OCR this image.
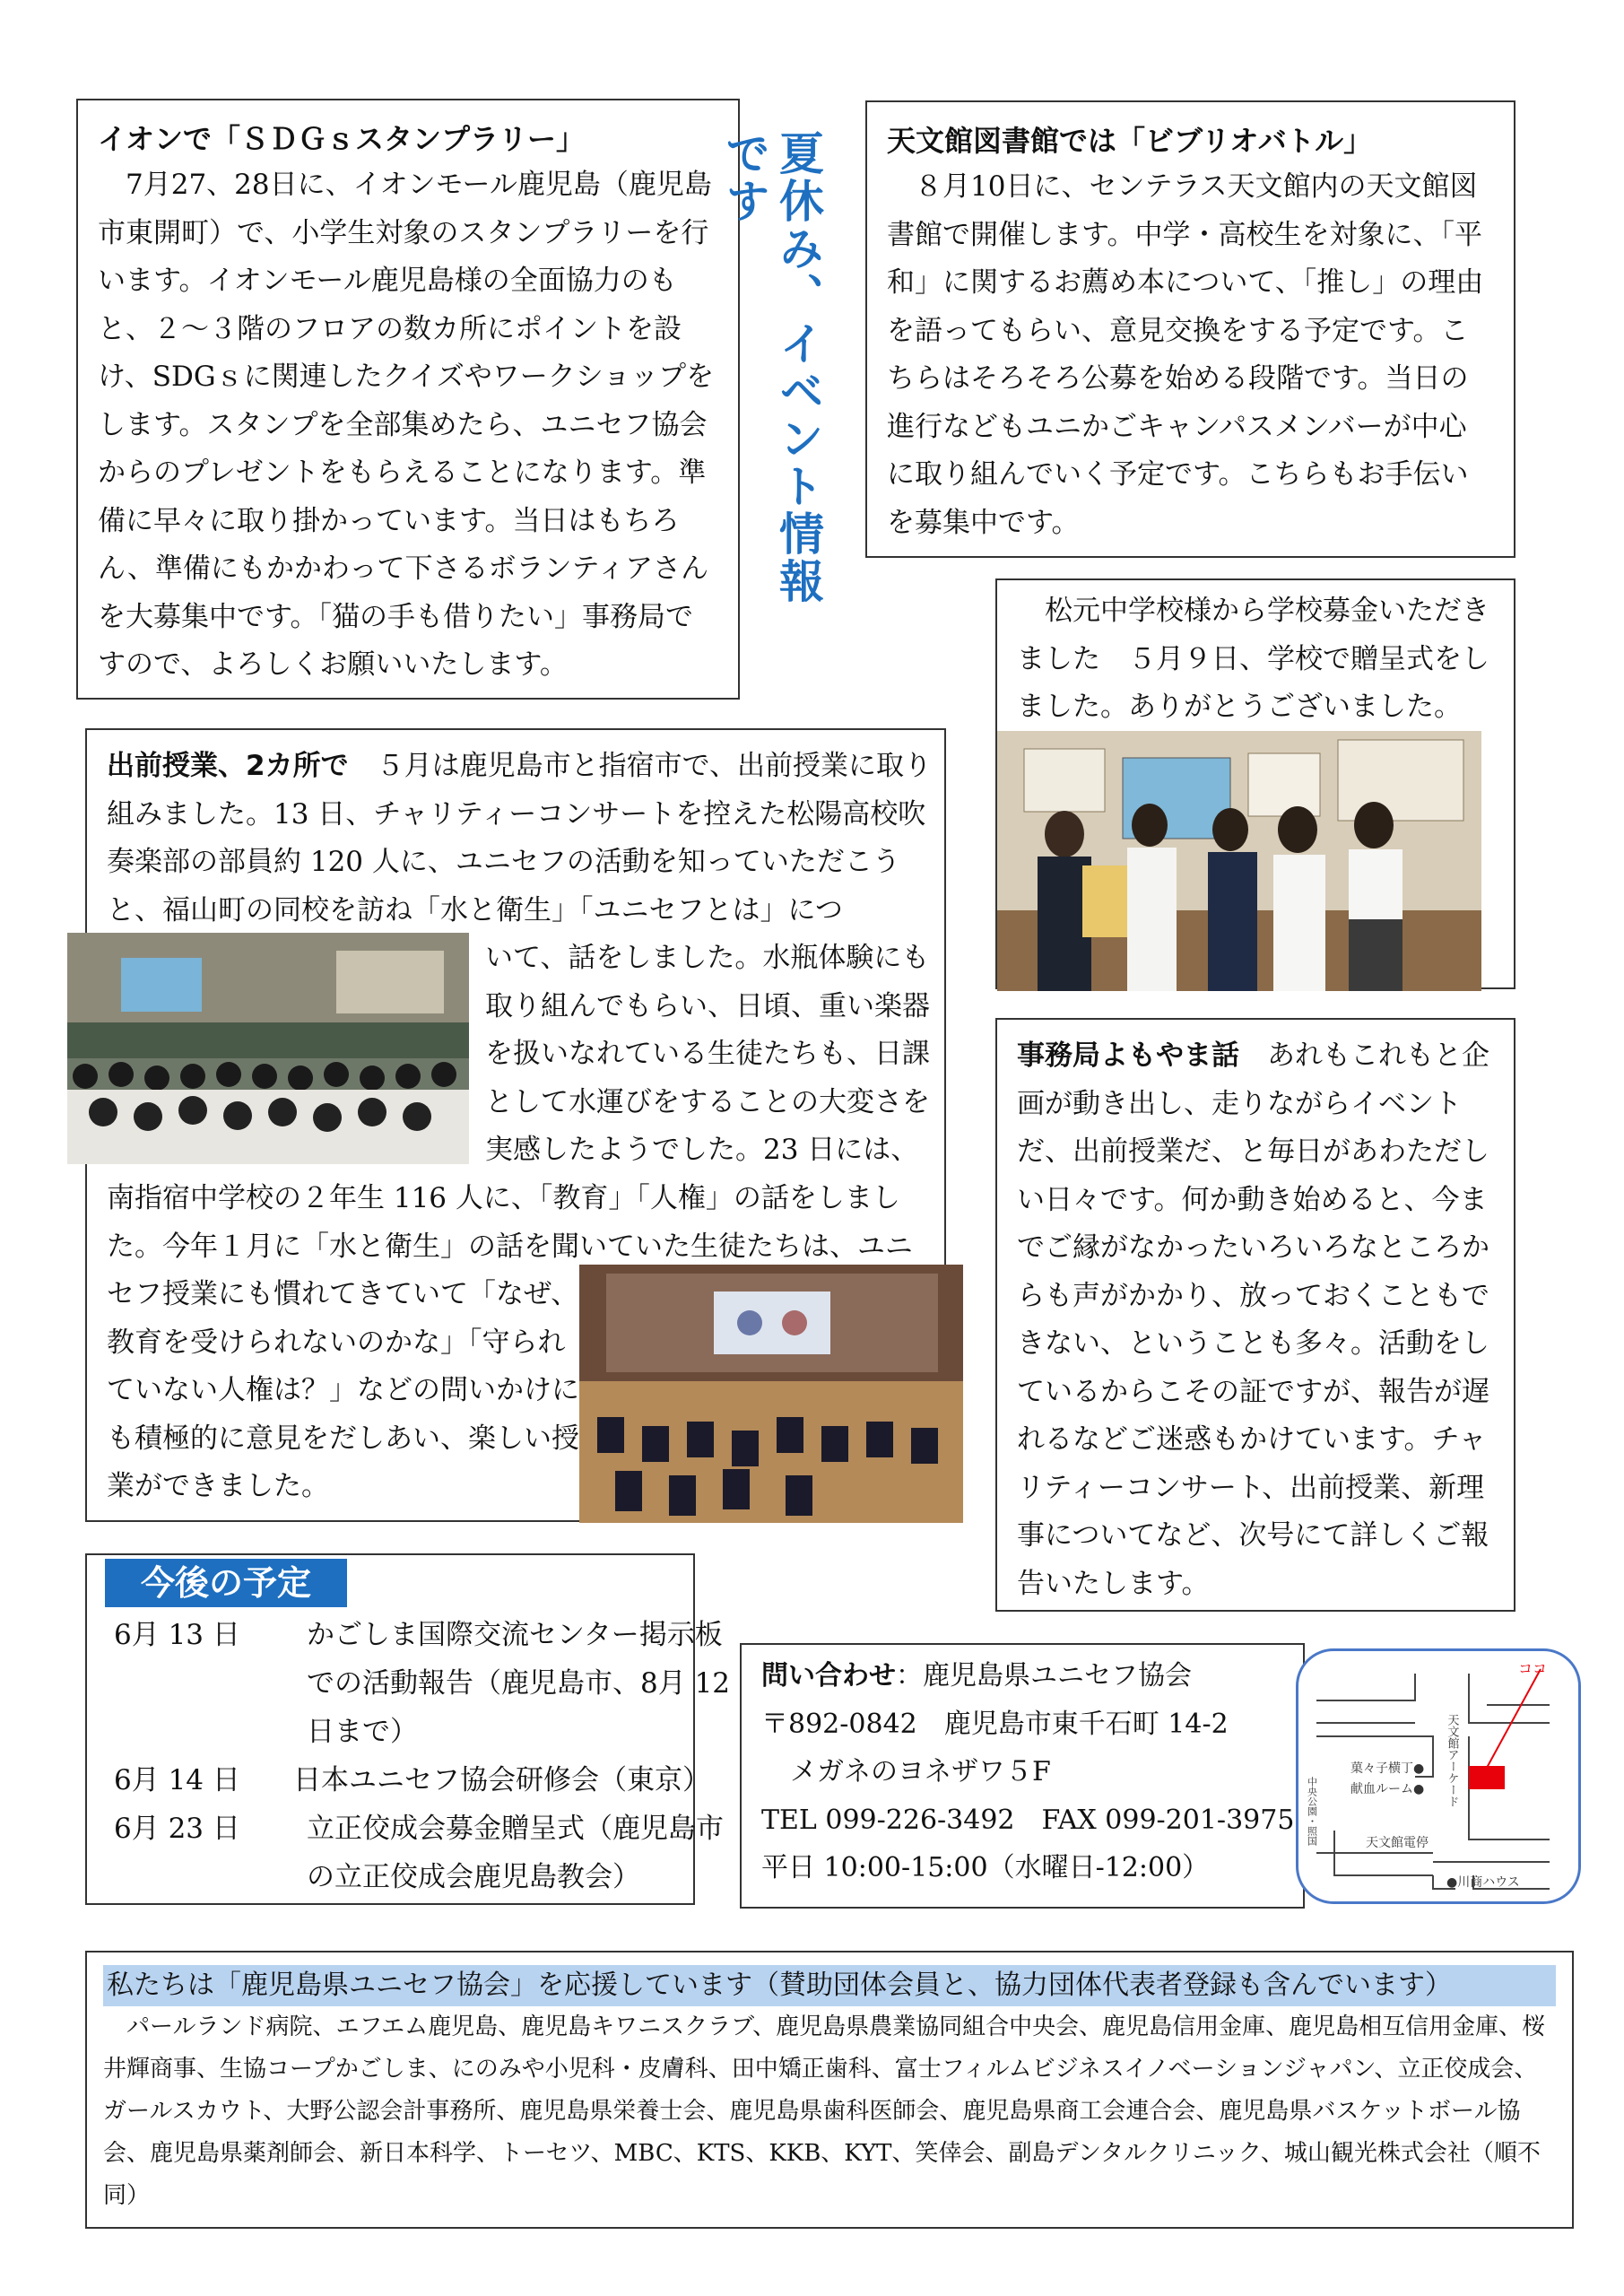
イオンで「ＳＤＧｓスタンプラリー」

　7月27、28日に、イオンモール鹿児島（鹿児島市東開町）で、小学生対象のスタンプラリーを行います。イオンモール鹿児島様の全面協力のもと、２～３階のフロアの数カ所にポイントを設け、SDGｓに関連したクイズやワークショップをします。スタンプを全部集めたら、ユニセフ協会からのプレゼントをもらえることになります。準備に早々に取り掛かっています。当日はもちろん、準備にもかかわって下さるボランティアさんを大募集中です。「猫の手も借りたい」事務局ですので、よろしくお願いいたします。

夏休み、イベント情報です	天文館図書館では「ビブリオバトル」

　８月10日に、センテラス天文館内の天文館図書館で開催します。中学・高校生を対象に、「平和」に関するお薦め本について、「推し」の理由を語ってもらい、意見交換をする予定です。こちらはそろそろ公募を始める段階です。当日の進行などもユニかごキャンパスメンバーが中心に取り組んでいく予定です。こちらもお手伝いを募集中です。

　松元中学校様から学校募金いただきました　５月９日、学校で贈呈式をしました。ありがとうございました。

出前授業、2カ所で　５月は鹿児島市と指宿市で、出前授業に取り組みました。13 日、チャリティーコンサートを控えた松陽高校吹奏楽部の部員約 120 人に、ユニセフの活動を知っていただこうと、福山町の同校を訪ね「水と衛生」「ユニセフとは」につ

いて、話をしました。水瓶体験にも取り組んでもらい、日頃、重い楽器を扱いなれている生徒たちも、日課として水運びをすることの大変さを実感したようでした。23 日には、

南指宿中学校の２年生 116 人に、「教育」「人権」の話をしました。今年１月に「水と衛生」の話を聞いていた生徒たちは、ユニ

セフ授業にも慣れてきていて「なぜ、教育を受けられないのかな」「守られていない人権は？」などの問いかけにも積極的に意見をだしあい、楽しい授業ができました。

事務局よもやま話　あれもこれもと企画が動き出し、走りながらイベントだ、出前授業だ、と毎日があわただしい日々です。何か動き始めると、今までご縁がなかったいろいろなところからも声がかかり、放っておくこともできない、ということも多々。活動をしているからこその証ですが、報告が遅れるなどご迷惑もかけています。チャリティーコンサート、出前授業、新理事についてなど、次号にて詳しくご報告いたします。

今後の予定
6月 13 日 かごしま国際交流センター掲示板での活動報告（鹿児島市、8月 12 日まで）
6月 14 日 日本ユニセフ協会研修会（東京）
6月 23 日 立正佼成会募金贈呈式（鹿児島市の立正佼成会鹿児島教会）

問い合わせ：鹿児島県ユニセフ協会

〒892-0842　鹿児島市東千石町 14-2

メガネのヨネザワ５F

TEL 099-226-3492　FAX 099-201-3975

平日 10:00-15:00（水曜日-12:00）

ココ
天文館アーケード
菓々子横丁●
献血ルーム●
天文館電停
●川商ハウス
中央公園・照国
私たちは「鹿児島県ユニセフ協会」を応援しています（賛助団体会員と、協力団体代表者登録も含んでいます）

　パールランド病院、エフエム鹿児島、鹿児島キワニスクラブ、鹿児島県農業協同組合中央会、鹿児島信用金庫、鹿児島相互信用金庫、桜井輝商事、生協コープかごしま、にのみや小児科・皮膚科、田中矯正歯科、富士フィルムビジネスイノベーションジャパン、立正佼成会、ガールスカウト、大野公認会計事務所、鹿児島県栄養士会、鹿児島県歯科医師会、鹿児島県商工会連合会、鹿児島県バスケットボール協会、鹿児島県薬剤師会、新日本科学、トーセツ、MBC、KTS、KKB、KYT、笑倖会、副島デンタルクリニック、城山観光株式会社（順不同）
